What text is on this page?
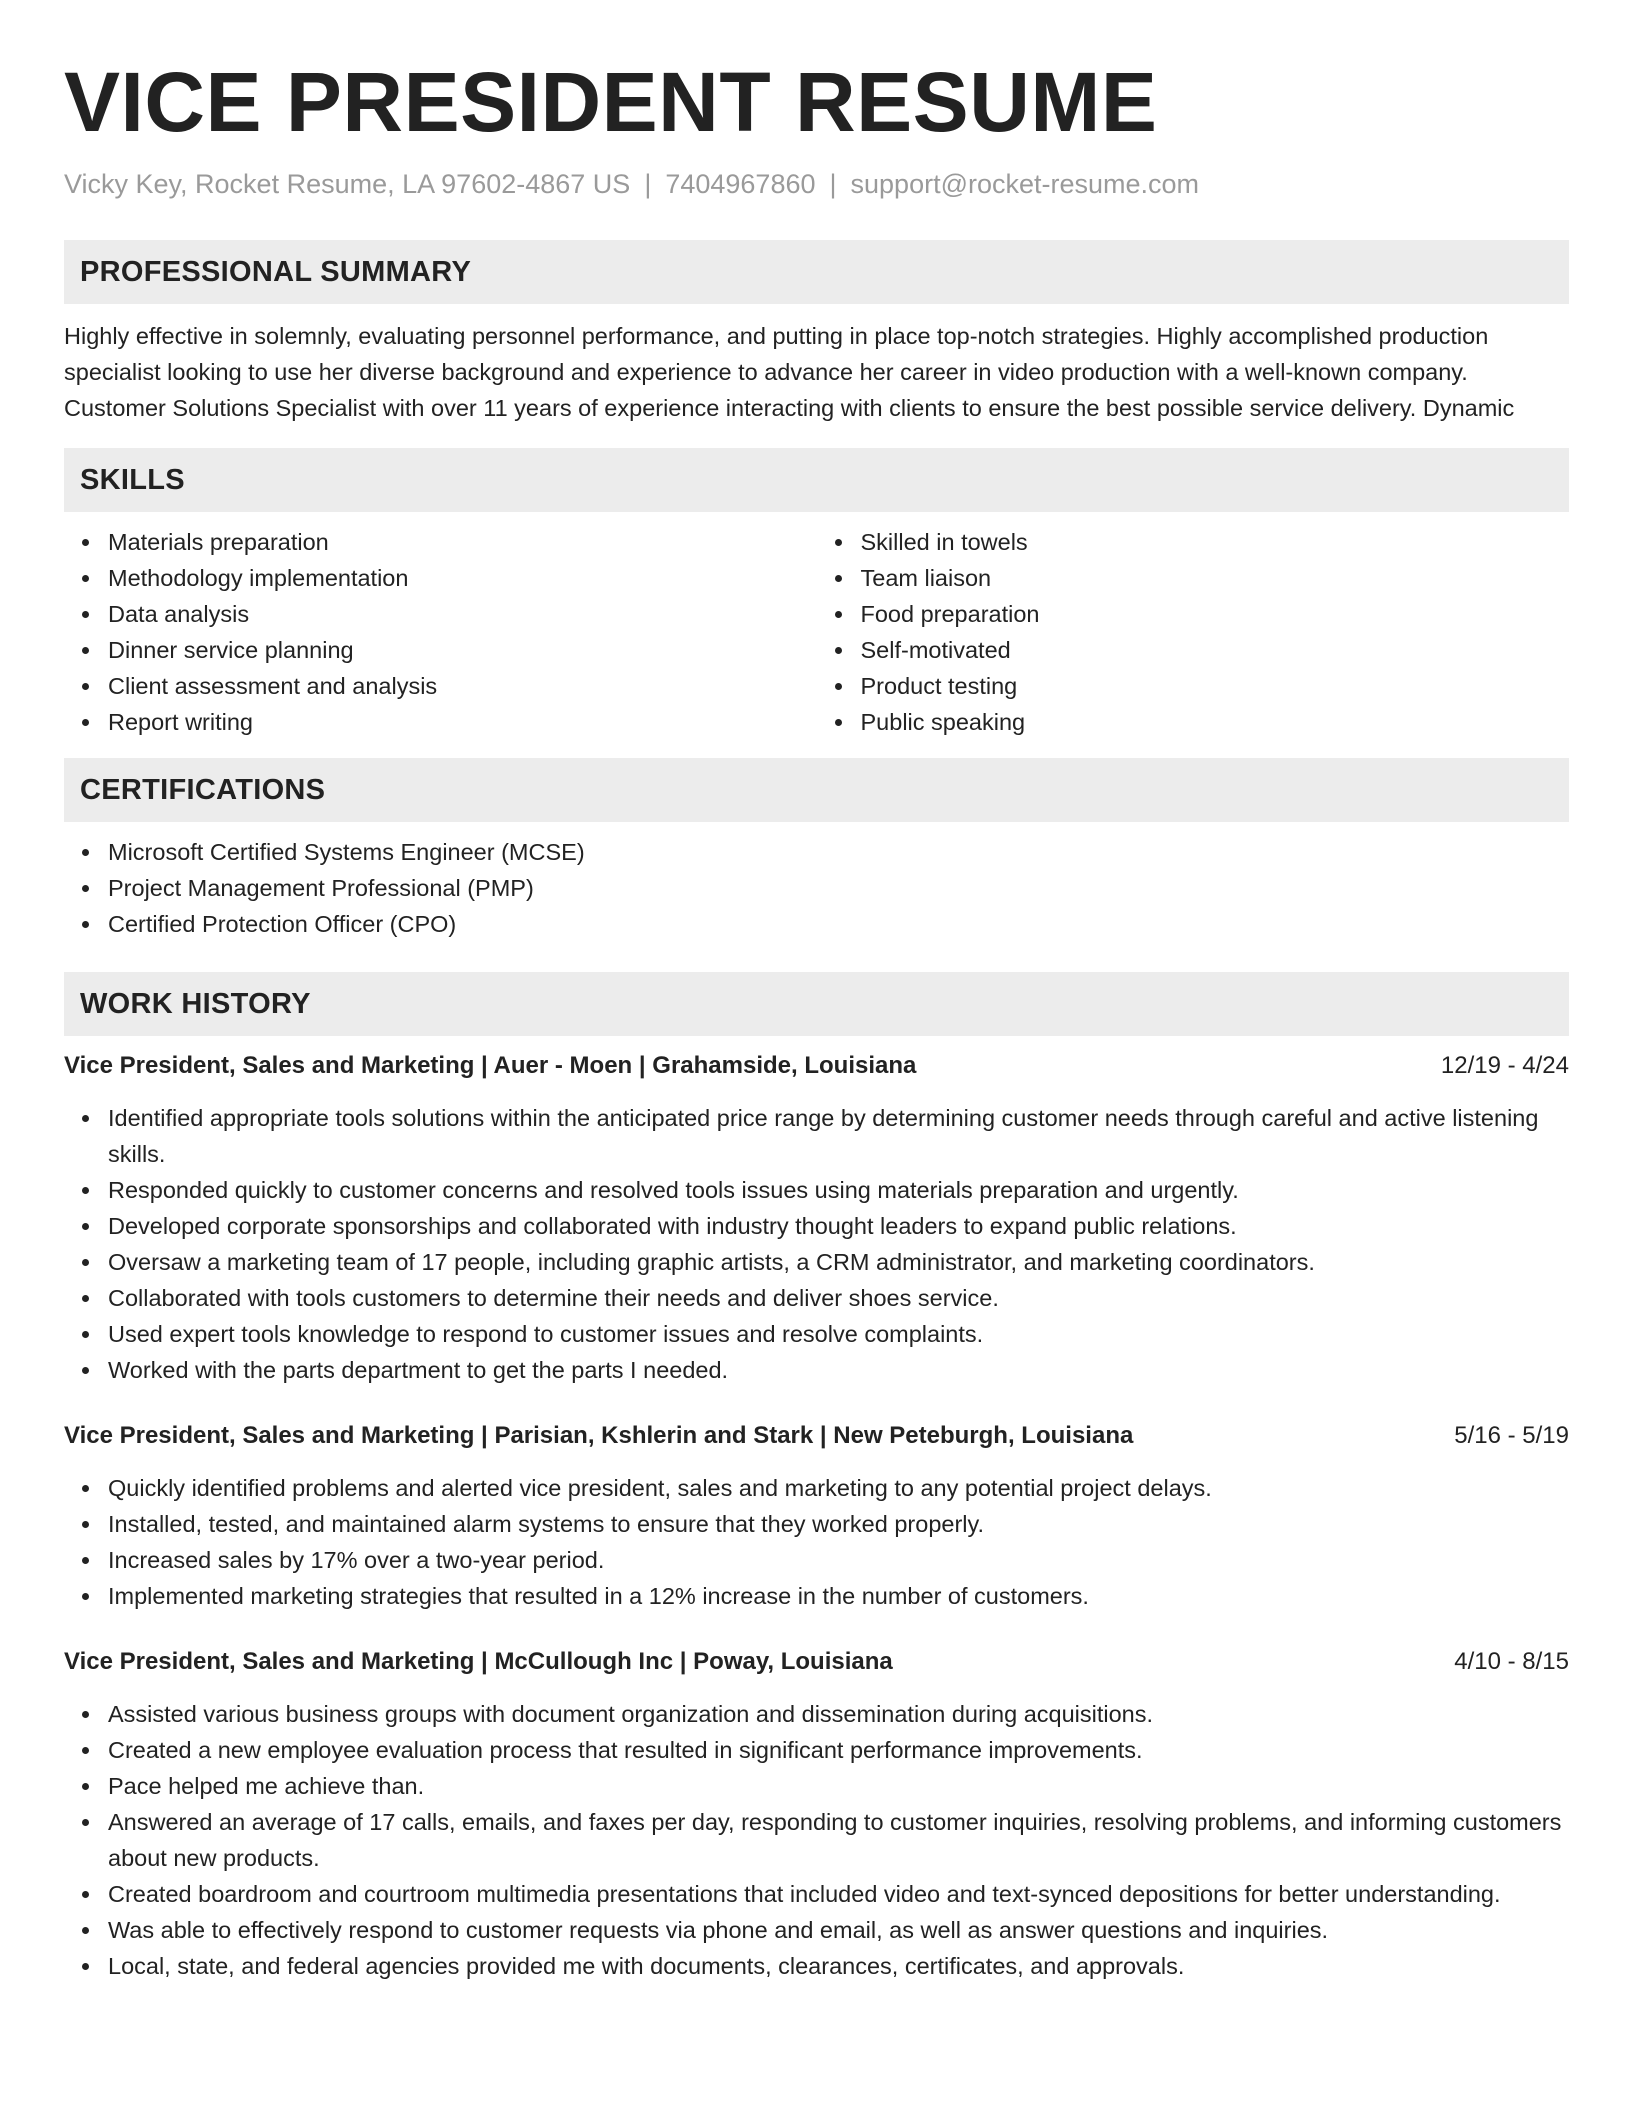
VICE PRESIDENT RESUME
Vicky Key, Rocket Resume, LA 97602-4867 US | 7404967860 | support@rocket-resume.com
PROFESSIONAL SUMMARY

Highly effective in solemnly, evaluating personnel performance, and putting in place top-notch strategies. Highly accomplished production specialist looking to use her diverse background and experience to advance her career in video production with a well-known company. Customer Solutions Specialist with over 11 years of experience interacting with clients to ensure the best possible service delivery. Dynamic

SKILLS
Materials preparation
Methodology implementation
Data analysis
Dinner service planning
Client assessment and analysis
Report writing
Skilled in towels
Team liaison
Food preparation
Self-motivated
Product testing
Public speaking
CERTIFICATIONS
Microsoft Certified Systems Engineer (MCSE)
Project Management Professional (PMP)
Certified Protection Officer (CPO)
WORK HISTORY
Vice President, Sales and Marketing | Auer - Moen | Grahamside, Louisiana	12/19 - 4/24
Identified appropriate tools solutions within the anticipated price range by determining customer needs through careful and active listening skills.
Responded quickly to customer concerns and resolved tools issues using materials preparation and urgently.
Developed corporate sponsorships and collaborated with industry thought leaders to expand public relations.
Oversaw a marketing team of 17 people, including graphic artists, a CRM administrator, and marketing coordinators.
Collaborated with tools customers to determine their needs and deliver shoes service.
Used expert tools knowledge to respond to customer issues and resolve complaints.
Worked with the parts department to get the parts I needed.
Vice President, Sales and Marketing | Parisian, Kshlerin and Stark | New Peteburgh, Louisiana	5/16 - 5/19
Quickly identified problems and alerted vice president, sales and marketing to any potential project delays.
Installed, tested, and maintained alarm systems to ensure that they worked properly.
Increased sales by 17% over a two-year period.
Implemented marketing strategies that resulted in a 12% increase in the number of customers.
Vice President, Sales and Marketing | McCullough Inc | Poway, Louisiana	4/10 - 8/15
Assisted various business groups with document organization and dissemination during acquisitions.
Created a new employee evaluation process that resulted in significant performance improvements.
Pace helped me achieve than.
Answered an average of 17 calls, emails, and faxes per day, responding to customer inquiries, resolving problems, and informing customers about new products.
Created boardroom and courtroom multimedia presentations that included video and text-synced depositions for better understanding.
Was able to effectively respond to customer requests via phone and email, as well as answer questions and inquiries.
Local, state, and federal agencies provided me with documents, clearances, certificates, and approvals.
